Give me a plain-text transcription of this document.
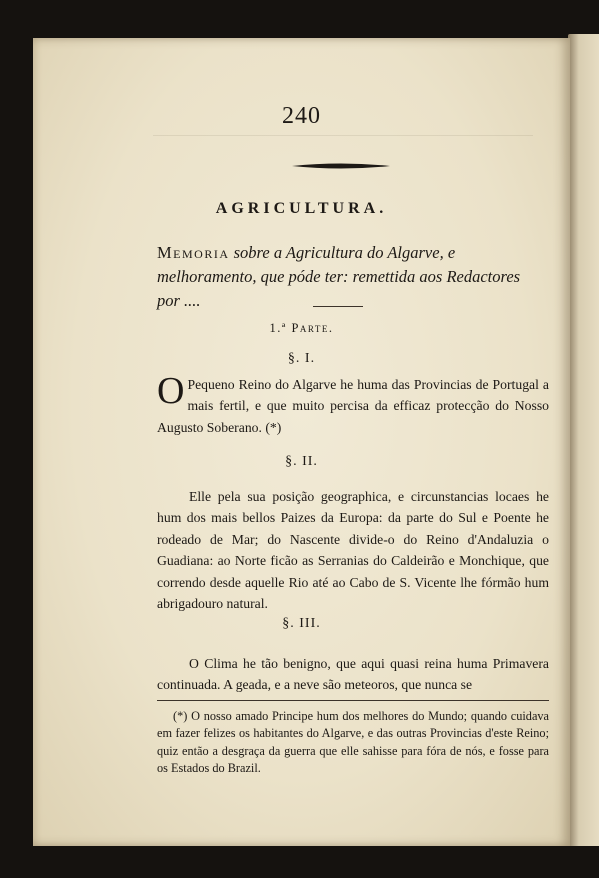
240
AGRICULTURA.
Memoria sobre a Agricultura do Algarve, e melhoramento, que póde ter: remettida aos Redactores por ....
1.ª Parte.
§. I.
O Pequeno Reino do Algarve he huma das Provincias de Portugal a mais fertil, e que muito percisa da efficaz protecção do Nosso Augusto Soberano. (*)
§. II.
Elle pela sua posição geographica, e circunstancias locaes he hum dos mais bellos Paizes da Europa: da parte do Sul e Poente he rodeado de Mar; do Nascente divide-o do Reino d'Andaluzia o Guadiana: ao Norte ficão as Serranias do Caldeirão e Monchique, que correndo desde aquelle Rio até ao Cabo de S. Vicente lhe fórmão hum abrigadouro natural.
§. III.
O Clima he tão benigno, que aqui quasi reina huma Primavera continuada. A geada, e a neve são meteoros, que nunca se
(*) O nosso amado Principe hum dos melhores do Mundo; quando cuidava em fazer felizes os habitantes do Algarve, e das outras Provincias d'este Reino; quiz então a desgraça da guerra que elle sahisse para fóra de nós, e fosse para os Estados do Brazil.
